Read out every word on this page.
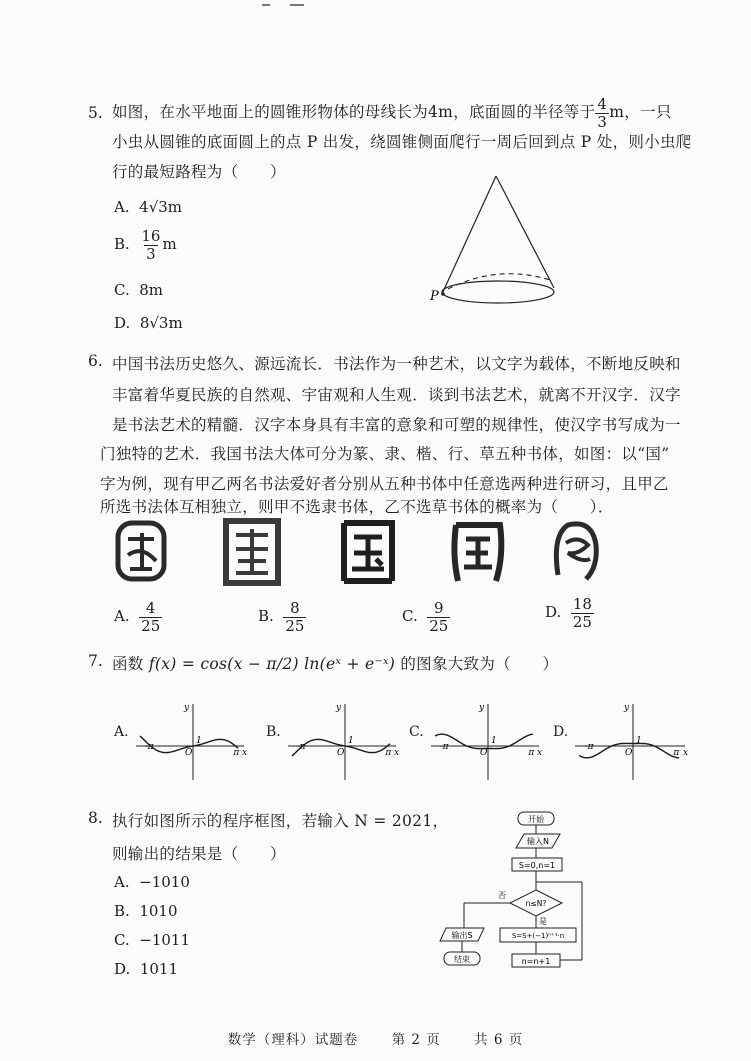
5. 如图，在水平地面上的圆锥形物体的母线长为4m，底面圆的半径等于 $\frac{4}{3}$ m，一只
小虫从圆锥的底面圆上的点 P 出发，绕圆锥侧面爬行一周后回到点 P 处，则小虫爬
行的最短路程为（　　）
A. 4√3m
B. $\frac{16}{3}$ m
C. 8m
D. 8√3m
P
6. 中国书法历史悠久、源远流长．书法作为一种艺术，以文字为载体，不断地反映和
丰富着华夏民族的自然观、宇宙观和人生观．谈到书法艺术，就离不开汉字．汉字
是书法艺术的精髓．汉字本身具有丰富的意象和可塑的规律性，使汉字书写成为一
门独特的艺术．我国书法大体可分为篆、隶、楷、行、草五种书体，如图：以“国”
字为例，现有甲乙两名书法爱好者分别从五种书体中任意选两种进行研习，且甲乙
所选书法体互相独立，则甲不选隶书体，乙不选草书体的概率为（　　）．
A. $\frac{4}{25}$	B. $\frac{8}{25}$	C. $\frac{9}{25}$	D. $\frac{18}{25}$
7. 函数 f(x) = cos(x − π/2) ln(eˣ + e⁻ˣ) 的图象大致为（　　）
A.	B.	C.	D.
y
x
-π
O	π
1
y
x
-π
O	π
1
y
x
-π
O	π
1
y
x
-π
O	π
1
8. 执行如图所示的程序框图，若输入 N = 2021，
则输出的结果是（　　）
A. −1010
B. 1010
C. −1011
D. 1011
开始
输入N
S=0,n=1
n≤N?
否
是
输出S
结束
S=S+(−1)ⁿ⁺¹·n
n=n+1
数学（理科）试题卷 第 2 页 共 6 页
